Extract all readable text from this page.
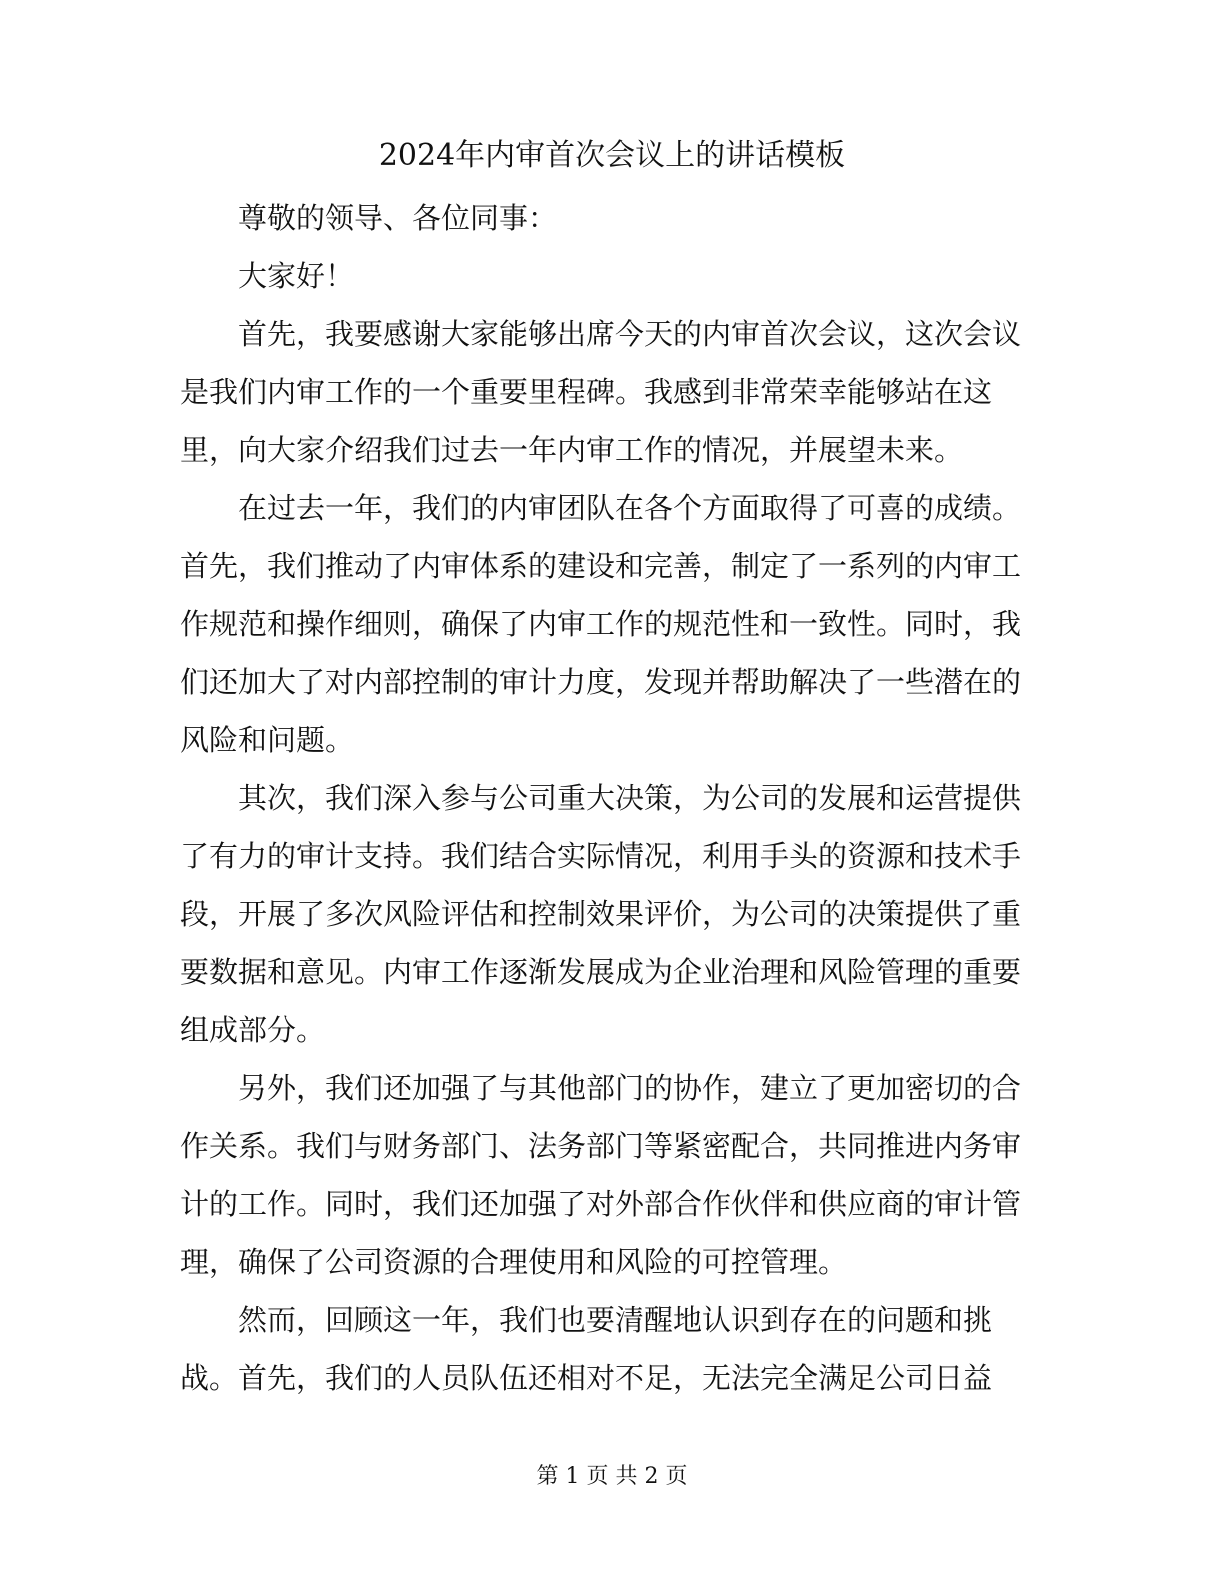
2024年内审首次会议上的讲话模板

尊敬的领导、各位同事：

大家好！

首先，我要感谢大家能够出席今天的内审首次会议，这次会议是我们内审工作的一个重要里程碑。我感到非常荣幸能够站在这里，向大家介绍我们过去一年内审工作的情况，并展望未来。

在过去一年，我们的内审团队在各个方面取得了可喜的成绩。首先，我们推动了内审体系的建设和完善，制定了一系列的内审工作规范和操作细则，确保了内审工作的规范性和一致性。同时，我们还加大了对内部控制的审计力度，发现并帮助解决了一些潜在的风险和问题。

其次，我们深入参与公司重大决策，为公司的发展和运营提供了有力的审计支持。我们结合实际情况，利用手头的资源和技术手段，开展了多次风险评估和控制效果评价，为公司的决策提供了重要数据和意见。内审工作逐渐发展成为企业治理和风险管理的重要组成部分。

另外，我们还加强了与其他部门的协作，建立了更加密切的合作关系。我们与财务部门、法务部门等紧密配合，共同推进内务审计的工作。同时，我们还加强了对外部合作伙伴和供应商的审计管理，确保了公司资源的合理使用和风险的可控管理。

然而，回顾这一年，我们也要清醒地认识到存在的问题和挑战。首先，我们的人员队伍还相对不足，无法完全满足公司日益

第 1 页 共 2 页
